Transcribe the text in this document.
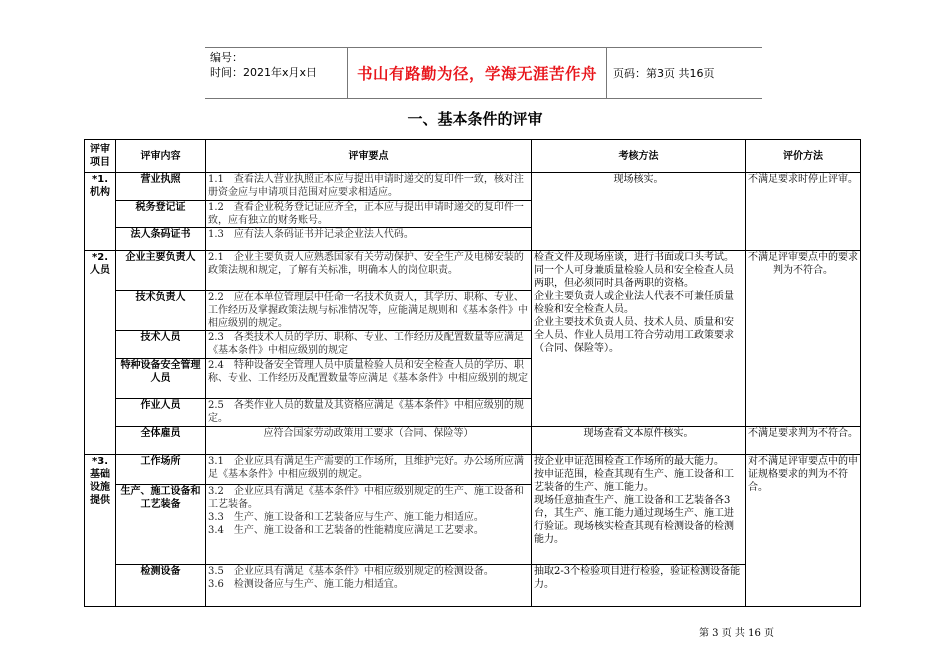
编号：
时间：2021年x月x日	书山有路勤为径，学海无涯苦作舟	页码：第3页 共16页
一、基本条件的评审
评审项目	评审内容	评审要点	考核方法	评价方法
*1. 机构	营业执照	1.1　查看法人营业执照正本应与提出申请时递交的复印件一致，核对注册资金应与申请项目范围对应要求相适应。	现场核实。	不满足要求时停止评审。
	税务登记证	1.2　查看企业税务登记证应齐全，正本应与提出申请时递交的复印件一致，应有独立的财务账号。		
	法人条码证书	1.3　应有法人条码证书并记录企业法人代码。		
*2. 人员	企业主要负责人	2.1　企业主要负责人应熟悉国家有关劳动保护、安全生产及电梯安装的政策法规和规定，了解有关标准，明确本人的岗位职责。	检查文件及现场座谈，进行书面或口头考试。
同一个人可身兼质量检验人员和安全检查人员两职，但必须同时具备两职的资格。
企业主要负责人或企业法人代表不可兼任质量检验和安全检查人员。
企业主要技术负责人员、技术人员、质量和安全人员、作业人员用工符合劳动用工政策要求（合同、保险等）。	不满足评审要点中的要求判为不符合。
	技术负责人	2.2　应在本单位管理层中任命一名技术负责人，其学历、职称、专业、工作经历及掌握政策法规与标准情况等，应能满足规则和《基本条件》中相应级别的规定。		
	技术人员	2.3　各类技术人员的学历、职称、专业、工作经历及配置数量等应满足《基本条件》中相应级别的规定		
	特种设备安全管理人员	2.4　特种设备安全管理人员中质量检验人员和安全检查人员的学历、职称、专业、工作经历及配置数量等应满足《基本条件》中相应级别的规定		
	作业人员	2.5　各类作业人员的数量及其资格应满足《基本条件》中相应级别的规定。		
	全体雇员	应符合国家劳动政策用工要求（合同、保险等）	现场查看文本原件核实。	不满足要求判为不符合。
*3. 基础设施提供	工作场所	3.1　企业应具有满足生产需要的工作场所，且维护完好。办公场所应满足《基本条件》中相应级别的规定。	按企业申证范围检查工作场所的最大能力。
按申证范围，检查其现有生产、施工设备和工艺装备的生产、施工能力。
现场任意抽查生产、施工设备和工艺装备各3台，其生产、施工能力通过现场生产、施工进行验证。现场核实检查其现有检测设备的检测能力。	对不满足评审要点中的申证规格要求的判为不符合。
	生产、施工设备和工艺装备	3.2　企业应具有满足《基本条件》中相应级别规定的生产、施工设备和工艺装备。
3.3　生产、施工设备和工艺装备应与生产、施工能力相适应。
3.4　生产、施工设备和工艺装备的性能精度应满足工艺要求。		
	检测设备	3.5　企业应具有满足《基本条件》中相应级别规定的检测设备。
3.6　检测设备应与生产、施工能力相适宜。	抽取2-3个检验项目进行检验，验证检测设备能力。	
第 3 页 共 16 页
